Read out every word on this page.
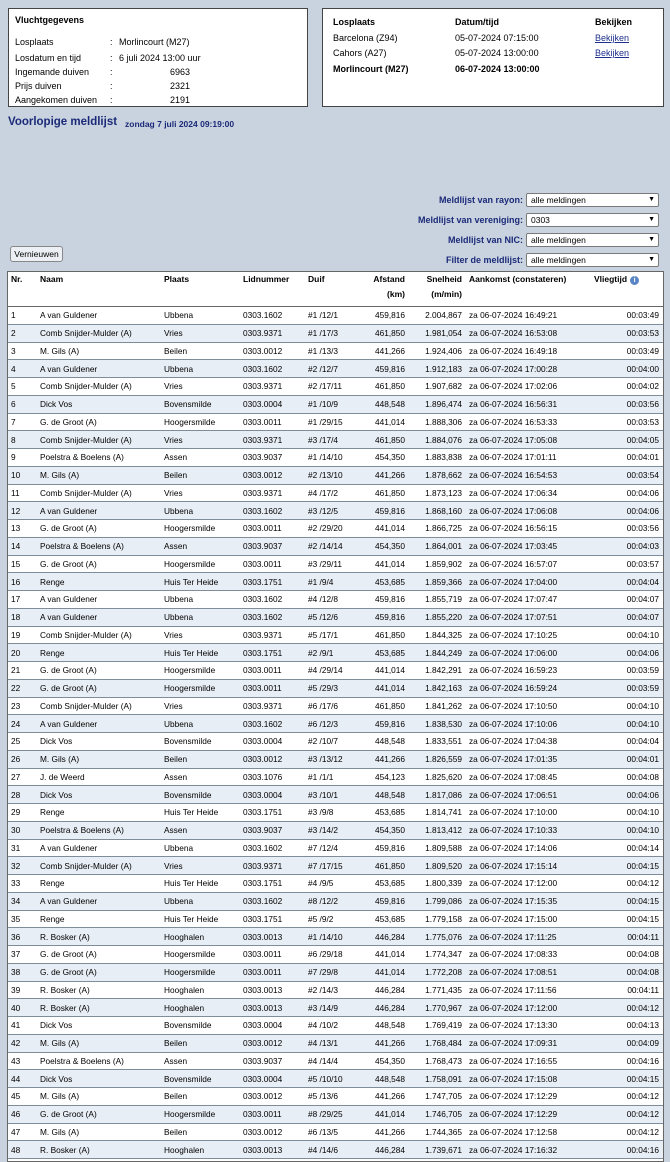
Vluchtgegevens
Losplaats	: Morlincourt (M27)
Losdatum en tijd	: 6 juli 2024 13:00 uur
Ingemande duiven	:	6963
Prijs duiven	:	2321
Aangekomen duiven	:	2191
Losplaats	Datum/tijd	Bekijken
Barcelona (Z94)	05-07-2024 07:15:00	Bekijken
Cahors (A27)	05-07-2024 13:00:00	Bekijken
Morlincourt (M27)	06-07-2024 13:00:00
Voorlopige meldlijst zondag 7 juli 2024 09:19:00
Meldlijst van rayon: alle meldingen	▼
Meldlijst van vereniging: 0303	▼
Meldlijst van NIC: alle meldingen	▼
Filter de meldlijst: alle meldingen	▼
Vernieuwen
Nr.	Naam	Plaats	Lidnummer	Duif	Afstand
(km)	Snelheid
(m/min)	Aankomst (constateren)	Vliegtijd i
1	A van Guldener	Ubbena	0303.1602	#1 /12/1	459,816	2.004,867	za 06-07-2024 16:49:21	00:03:49
2	Comb Snijder-Mulder (A)	Vries	0303.9371	#1 /17/3	461,850	1.981,054	za 06-07-2024 16:53:08	00:03:53
3	M. Gils (A)	Beilen	0303.0012	#1 /13/3	441,266	1.924,406	za 06-07-2024 16:49:18	00:03:49
4	A van Guldener	Ubbena	0303.1602	#2 /12/7	459,816	1.912,183	za 06-07-2024 17:00:28	00:04:00
5	Comb Snijder-Mulder (A)	Vries	0303.9371	#2 /17/11	461,850	1.907,682	za 06-07-2024 17:02:06	00:04:02
6	Dick Vos	Bovensmilde	0303.0004	#1 /10/9	448,548	1.896,474	za 06-07-2024 16:56:31	00:03:56
7	G. de Groot (A)	Hoogersmilde	0303.0011	#1 /29/15	441,014	1.888,306	za 06-07-2024 16:53:33	00:03:53
8	Comb Snijder-Mulder (A)	Vries	0303.9371	#3 /17/4	461,850	1.884,076	za 06-07-2024 17:05:08	00:04:05
9	Poelstra & Boelens (A)	Assen	0303.9037	#1 /14/10	454,350	1.883,838	za 06-07-2024 17:01:11	00:04:01
10	M. Gils (A)	Beilen	0303.0012	#2 /13/10	441,266	1.878,662	za 06-07-2024 16:54:53	00:03:54
11	Comb Snijder-Mulder (A)	Vries	0303.9371	#4 /17/2	461,850	1.873,123	za 06-07-2024 17:06:34	00:04:06
12	A van Guldener	Ubbena	0303.1602	#3 /12/5	459,816	1.868,160	za 06-07-2024 17:06:08	00:04:06
13	G. de Groot (A)	Hoogersmilde	0303.0011	#2 /29/20	441,014	1.866,725	za 06-07-2024 16:56:15	00:03:56
14	Poelstra & Boelens (A)	Assen	0303.9037	#2 /14/14	454,350	1.864,001	za 06-07-2024 17:03:45	00:04:03
15	G. de Groot (A)	Hoogersmilde	0303.0011	#3 /29/11	441,014	1.859,902	za 06-07-2024 16:57:07	00:03:57
16	Renge	Huis Ter Heide	0303.1751	#1 /9/4	453,685	1.859,366	za 06-07-2024 17:04:00	00:04:04
17	A van Guldener	Ubbena	0303.1602	#4 /12/8	459,816	1.855,719	za 06-07-2024 17:07:47	00:04:07
18	A van Guldener	Ubbena	0303.1602	#5 /12/6	459,816	1.855,220	za 06-07-2024 17:07:51	00:04:07
19	Comb Snijder-Mulder (A)	Vries	0303.9371	#5 /17/1	461,850	1.844,325	za 06-07-2024 17:10:25	00:04:10
20	Renge	Huis Ter Heide	0303.1751	#2 /9/1	453,685	1.844,249	za 06-07-2024 17:06:00	00:04:06
21	G. de Groot (A)	Hoogersmilde	0303.0011	#4 /29/14	441,014	1.842,291	za 06-07-2024 16:59:23	00:03:59
22	G. de Groot (A)	Hoogersmilde	0303.0011	#5 /29/3	441,014	1.842,163	za 06-07-2024 16:59:24	00:03:59
23	Comb Snijder-Mulder (A)	Vries	0303.9371	#6 /17/6	461,850	1.841,262	za 06-07-2024 17:10:50	00:04:10
24	A van Guldener	Ubbena	0303.1602	#6 /12/3	459,816	1.838,530	za 06-07-2024 17:10:06	00:04:10
25	Dick Vos	Bovensmilde	0303.0004	#2 /10/7	448,548	1.833,551	za 06-07-2024 17:04:38	00:04:04
26	M. Gils (A)	Beilen	0303.0012	#3 /13/12	441,266	1.826,559	za 06-07-2024 17:01:35	00:04:01
27	J. de Weerd	Assen	0303.1076	#1 /1/1	454,123	1.825,620	za 06-07-2024 17:08:45	00:04:08
28	Dick Vos	Bovensmilde	0303.0004	#3 /10/1	448,548	1.817,086	za 06-07-2024 17:06:51	00:04:06
29	Renge	Huis Ter Heide	0303.1751	#3 /9/8	453,685	1.814,741	za 06-07-2024 17:10:00	00:04:10
30	Poelstra & Boelens (A)	Assen	0303.9037	#3 /14/2	454,350	1.813,412	za 06-07-2024 17:10:33	00:04:10
31	A van Guldener	Ubbena	0303.1602	#7 /12/4	459,816	1.809,588	za 06-07-2024 17:14:06	00:04:14
32	Comb Snijder-Mulder (A)	Vries	0303.9371	#7 /17/15	461,850	1.809,520	za 06-07-2024 17:15:14	00:04:15
33	Renge	Huis Ter Heide	0303.1751	#4 /9/5	453,685	1.800,339	za 06-07-2024 17:12:00	00:04:12
34	A van Guldener	Ubbena	0303.1602	#8 /12/2	459,816	1.799,086	za 06-07-2024 17:15:35	00:04:15
35	Renge	Huis Ter Heide	0303.1751	#5 /9/2	453,685	1.779,158	za 06-07-2024 17:15:00	00:04:15
36	R. Bosker (A)	Hooghalen	0303.0013	#1 /14/10	446,284	1.775,076	za 06-07-2024 17:11:25	00:04:11
37	G. de Groot (A)	Hoogersmilde	0303.0011	#6 /29/18	441,014	1.774,347	za 06-07-2024 17:08:33	00:04:08
38	G. de Groot (A)	Hoogersmilde	0303.0011	#7 /29/8	441,014	1.772,208	za 06-07-2024 17:08:51	00:04:08
39	R. Bosker (A)	Hooghalen	0303.0013	#2 /14/3	446,284	1.771,435	za 06-07-2024 17:11:56	00:04:11
40	R. Bosker (A)	Hooghalen	0303.0013	#3 /14/9	446,284	1.770,967	za 06-07-2024 17:12:00	00:04:12
41	Dick Vos	Bovensmilde	0303.0004	#4 /10/2	448,548	1.769,419	za 06-07-2024 17:13:30	00:04:13
42	M. Gils (A)	Beilen	0303.0012	#4 /13/1	441,266	1.768,484	za 06-07-2024 17:09:31	00:04:09
43	Poelstra & Boelens (A)	Assen	0303.9037	#4 /14/4	454,350	1.768,473	za 06-07-2024 17:16:55	00:04:16
44	Dick Vos	Bovensmilde	0303.0004	#5 /10/10	448,548	1.758,091	za 06-07-2024 17:15:08	00:04:15
45	M. Gils (A)	Beilen	0303.0012	#5 /13/6	441,266	1.747,705	za 06-07-2024 17:12:29	00:04:12
46	G. de Groot (A)	Hoogersmilde	0303.0011	#8 /29/25	441,014	1.746,705	za 06-07-2024 17:12:29	00:04:12
47	M. Gils (A)	Beilen	0303.0012	#6 /13/5	441,266	1.744,365	za 06-07-2024 17:12:58	00:04:12
48	R. Bosker (A)	Hooghalen	0303.0013	#4 /14/6	446,284	1.739,671	za 06-07-2024 17:16:32	00:04:16
